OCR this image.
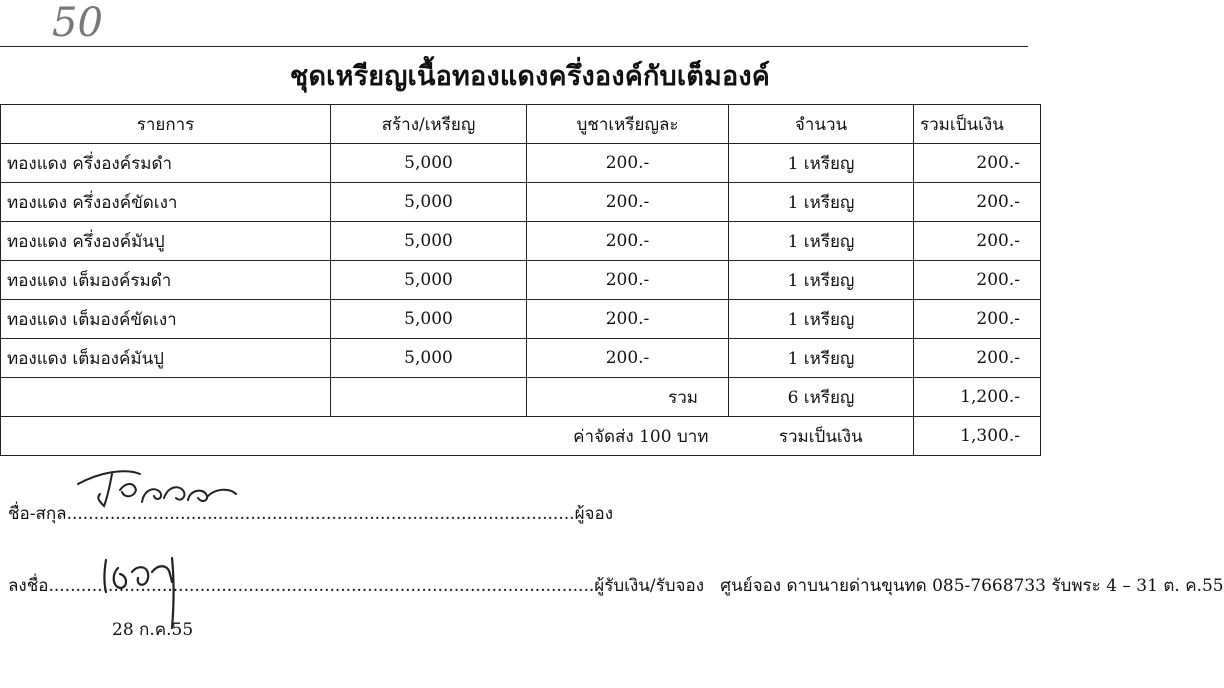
50
ชุดเหรียญเนื้อทองแดงครึ่งองค์กับเต็มองค์
รายการ	สร้าง/เหรียญ	บูชาเหรียญละ	จำนวน	รวมเป็นเงิน
ทองแดง ครึ่งองค์รมดำ	5,000	200.-	1 เหรียญ	200.-
ทองแดง ครึ่งองค์ขัดเงา	5,000	200.-	1 เหรียญ	200.-
ทองแดง ครึ่งองค์มันปู	5,000	200.-	1 เหรียญ	200.-
ทองแดง เต็มองค์รมดำ	5,000	200.-	1 เหรียญ	200.-
ทองแดง เต็มองค์ขัดเงา	5,000	200.-	1 เหรียญ	200.-
ทองแดง เต็มองค์มันปู	5,000	200.-	1 เหรียญ	200.-
		รวม	6 เหรียญ	1,200.-
ค่าจัดส่ง 100 บาท			รวมเป็นเงิน	1,300.-
ชื่อ-สกุล..............................................................................................ผู้จอง
ลงชื่อ.....................................................................................................ผู้รับเงิน/รับจอง ศูนย์จอง ดาบนายด่านขุนทด 085-7668733 รับพระ 4 – 31 ต. ค.55
28 ก.ค.55
